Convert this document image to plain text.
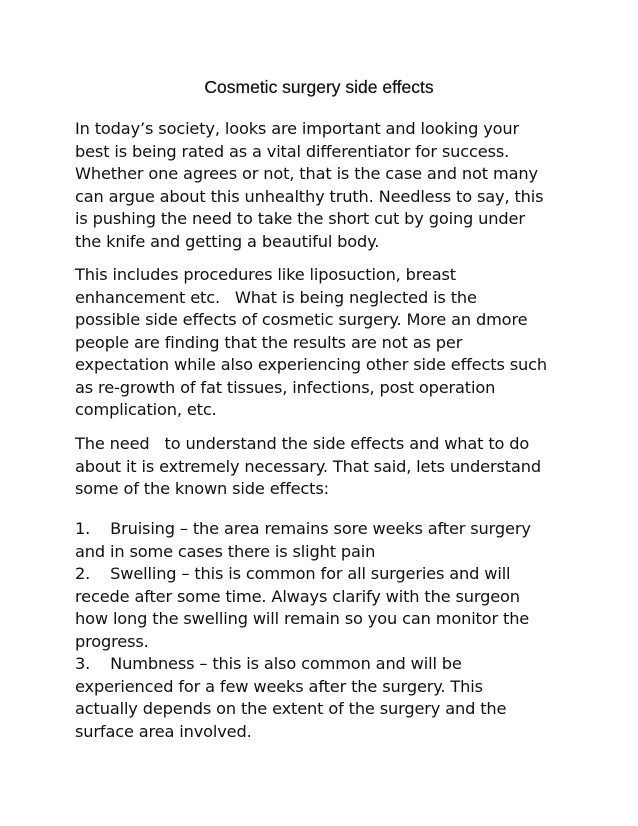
Cosmetic surgery side effects
In today’s society, looks are important and looking your
best is being rated as a vital differentiator for success.
Whether one agrees or not, that is the case and not many
can argue about this unhealthy truth. Needless to say, this
is pushing the need to take the short cut by going under
the knife and getting a beautiful body.
This includes procedures like liposuction, breast
enhancement etc.   What is being neglected is the
possible side effects of cosmetic surgery. More an dmore
people are finding that the results are not as per
expectation while also experiencing other side effects such
as re-growth of fat tissues, infections, post operation
complication, etc.
The need   to understand the side effects and what to do
about it is extremely necessary. That said, lets understand
some of the known side effects:
1.    Bruising – the area remains sore weeks after surgery
and in some cases there is slight pain
2.    Swelling – this is common for all surgeries and will
recede after some time. Always clarify with the surgeon
how long the swelling will remain so you can monitor the
progress.
3.    Numbness – this is also common and will be
experienced for a few weeks after the surgery. This
actually depends on the extent of the surgery and the
surface area involved.
